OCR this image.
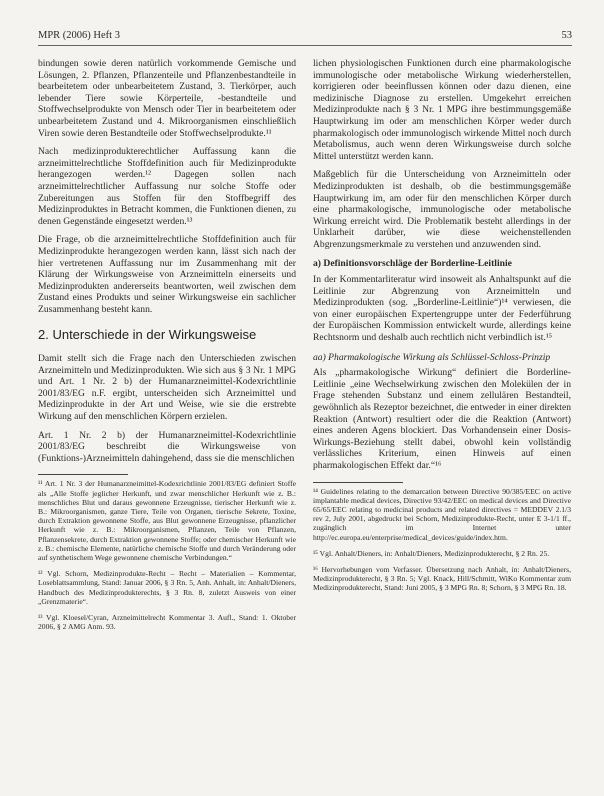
MPR (2006) Heft 3	53

bindungen sowie deren natürlich vorkommende Gemische und Lösungen, 2. Pflanzen, Pflanzenteile und Pflanzenbestandteile in bearbeitetem oder unbearbeitetem Zustand, 3. Tierkörper, auch lebender Tiere sowie Körperteile, -bestandteile und Stoffwechselprodukte von Mensch oder Tier in bearbeitetem oder unbearbeitetem Zustand und 4. Mikroorganismen einschließlich Viren sowie deren Bestandteile oder Stoffwechselprodukte.¹¹

Nach medizinprodukterechtlicher Auffassung kann die arzneimittelrechtliche Stoffdefinition auch für Medizinprodukte herangezogen werden.¹² Dagegen sollen nach arzneimittelrechtlicher Auffassung nur solche Stoffe oder Zubereitungen aus Stoffen für den Stoffbegriff des Medizinproduktes in Betracht kommen, die Funktionen dienen, zu denen Gegenstände eingesetzt werden.¹³

Die Frage, ob die arzneimittelrechtliche Stoffdefinition auch für Medizinprodukte herangezogen werden kann, lässt sich nach der hier vertretenen Auffassung nur im Zusammenhang mit der Klärung der Wirkungsweise von Arzneimitteln einerseits und Medizinprodukten andererseits beantworten, weil zwischen dem Zustand eines Produkts und seiner Wirkungsweise ein sachlicher Zusammenhang besteht kann.

2. Unterschiede in der Wirkungsweise

Damit stellt sich die Frage nach den Unterschieden zwischen Arzneimitteln und Medizinprodukten. Wie sich aus § 3 Nr. 1 MPG und Art. 1 Nr. 2 b) der Humanarzneimittel-Kodexrichtlinie 2001/83/EG n.F. ergibt, unterscheiden sich Arzneimittel und Medizinprodukte in der Art und Weise, wie sie die erstrebte Wirkung auf den menschlichen Körpern erzielen.

Art. 1 Nr. 2 b) der Humanarzneimittel-Kodexrichtlinie 2001/83/EG beschreibt die Wirkungsweise von (Funktions-)Arzneimitteln dahingehend, dass sie die menschlichen

¹¹ Art. 1 Nr. 3 der Humanarzneimittel-Kodexrichtlinie 2001/83/EG definiert Stoffe als „Alle Stoffe jeglicher Herkunft, und zwar menschlicher Herkunft wie z. B.: menschliches Blut und daraus gewonnene Erzeugnisse, tierischer Herkunft wie z. B.: Mikroorganismen, ganze Tiere, Teile von Organen, tierische Sekrete, Toxine, durch Extraktion gewonnene Stoffe, aus Blut gewonnene Erzeugnisse, pflanzlicher Herkunft wie z. B.: Mikroorganismen, Pflanzen, Teile von Pflanzen, Pflanzensekrete, durch Extraktion gewonnene Stoffe; oder chemischer Herkunft wie z. B.: chemische Elemente, natürliche chemische Stoffe und durch Veränderung oder auf synthetischem Wege gewonnene chemische Verbindungen.“

¹² Vgl. Schorn, Medizinprodukte-Recht – Recht – Materialien – Kommentar, Loseblattsammlung, Stand: Januar 2006, § 3 Rn. 5, Anh. Anhalt, in: Anhalt/Dieners, Handbuch des Medizinprodukterechts, § 3 Rn. 8, zuletzt Ausweis von einer „Grenzmaterie“.

¹³ Vgl. Kloesel/Cyran, Arzneimittelrecht Kommentar 3. Aufl., Stand: 1. Oktober 2006, § 2 AMG Anm. 93.

lichen physiologischen Funktionen durch eine pharmakologische immunologische oder metabolische Wirkung wiederherstellen, korrigieren oder beeinflussen können oder dazu dienen, eine medizinische Diagnose zu erstellen. Umgekehrt erreichen Medizinprodukte nach § 3 Nr. 1 MPG ihre bestimmungsgemäße Hauptwirkung im oder am menschlichen Körper weder durch pharmakologisch oder immunologisch wirkende Mittel noch durch Metabolismus, auch wenn deren Wirkungsweise durch solche Mittel unterstützt werden kann.

Maßgeblich für die Unterscheidung von Arzneimitteln oder Medizinprodukten ist deshalb, ob die bestimmungsgemäße Hauptwirkung im, am oder für den menschlichen Körper durch eine pharmakologische, immunologische oder metabolische Wirkung erreicht wird. Die Problematik besteht allerdings in der Unklarheit darüber, wie diese weichenstellenden Abgrenzungsmerkmale zu verstehen und anzuwenden sind.

a) Definitionsvorschläge der Borderline-Leitlinie

In der Kommentarliteratur wird insoweit als Anhaltspunkt auf die Leitlinie zur Abgrenzung von Arzneimitteln und Medizinprodukten (sog. „Borderline-Leitlinie“)¹⁴ verwiesen, die von einer europäischen Expertengruppe unter der Federführung der Europäischen Kommission entwickelt wurde, allerdings keine Rechtsnorm und deshalb auch rechtlich nicht verbindlich ist.¹⁵

aa) Pharmakologische Wirkung als Schlüssel-Schloss-Prinzip

Als „pharmakologische Wirkung“ definiert die Borderline-Leitlinie „eine Wechselwirkung zwischen den Molekülen der in Frage stehenden Substanz und einem zellulären Bestandteil, gewöhnlich als Rezeptor bezeichnet, die entweder in einer direkten Reaktion (Antwort) resultiert oder die die Reaktion (Antwort) eines anderen Agens blockiert. Das Vorhandensein einer Dosis-Wirkungs-Beziehung stellt dabei, obwohl kein vollständig verlässliches Kriterium, einen Hinweis auf einen pharmakologischen Effekt dar.“¹⁶

¹⁴ Guidelines relating to the demarcation between Directive 90/385/EEC on active implantable medical devices, Directive 93/42/EEC on medical devices and Directive 65/65/EEC relating to medicinal products and related directives = MEDDEV 2.1/3 rev 2, July 2001, abgedruckt bei Schorn, Medizinprodukte-Recht, unter E 3-1/1 ff., zugänglich im Internet unter http://ec.europa.eu/enterprise/medical_devices/guide/index.htm.

¹⁵ Vgl. Anhalt/Dieners, in: Anhalt/Dieners, Medizinprodukterecht, § 2 Rn. 25.

¹⁶ Hervorhebungen vom Verfasser. Übersetzung nach Anhalt, in: Anhalt/Dieners, Medizinprodukterecht, § 3 Rn. 5; Vgl. Knack, Hill/Schmitt, WiKo Kommentar zum Medizinprodukterecht, Stand: Juni 2005, § 3 MPG Rn. 8; Schorn, § 3 MPG Rn. 18.
